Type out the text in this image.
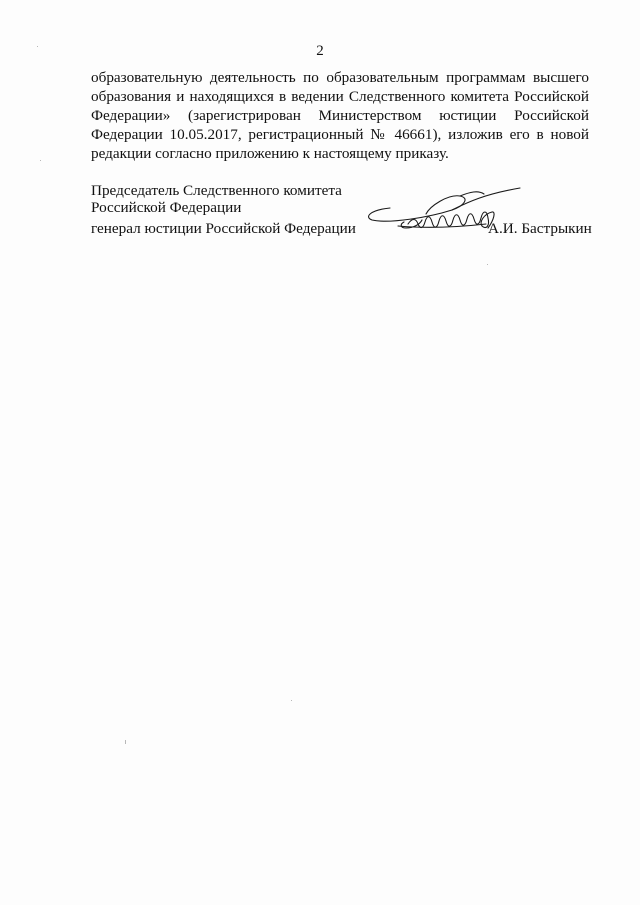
2
образовательную деятельность по образовательным программам высшего
образования и находящихся в ведении Следственного комитета Российской
Федерации» (зарегистрирован Министерством юстиции Российской
Федерации 10.05.2017, регистрационный № 46661), изложив его в новой
редакции согласно приложению к настоящему приказу.
Председатель Следственного комитета
Российской Федерации
генерал юстиции Российской Федерации	А.И. Бастрыкин
